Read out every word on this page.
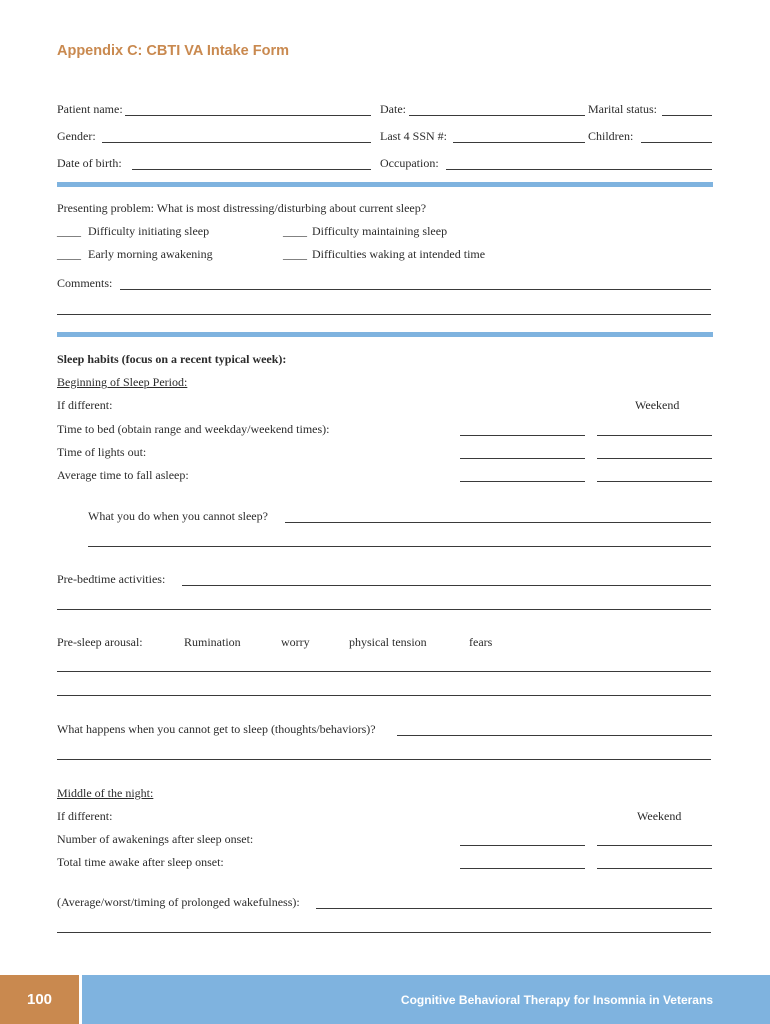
Appendix C: CBTI VA Intake Form
Patient name:	Date:	Marital status:
Gender:	Last 4 SSN #:	Children:
Date of birth:	Occupation:
Presenting problem: What is most distressing/disturbing about current sleep?
____ Difficulty initiating sleep	____ Difficulty maintaining sleep
____ Early morning awakening	____ Difficulties waking at intended time
Comments:
Sleep habits (focus on a recent typical week):
Beginning of Sleep Period:
If different:	Weekend
Time to bed (obtain range and weekday/weekend times):
Time of lights out:
Average time to fall asleep:
What you do when you cannot sleep?
Pre-bedtime activities:
Pre-sleep arousal:	Rumination	worry	physical tension	fears
What happens when you cannot get to sleep (thoughts/behaviors)?
Middle of the night:
If different:	Weekend
Number of awakenings after sleep onset:
Total time awake after sleep onset:
(Average/worst/timing of prolonged wakefulness):
100	Cognitive Behavioral Therapy for Insomnia in Veterans
